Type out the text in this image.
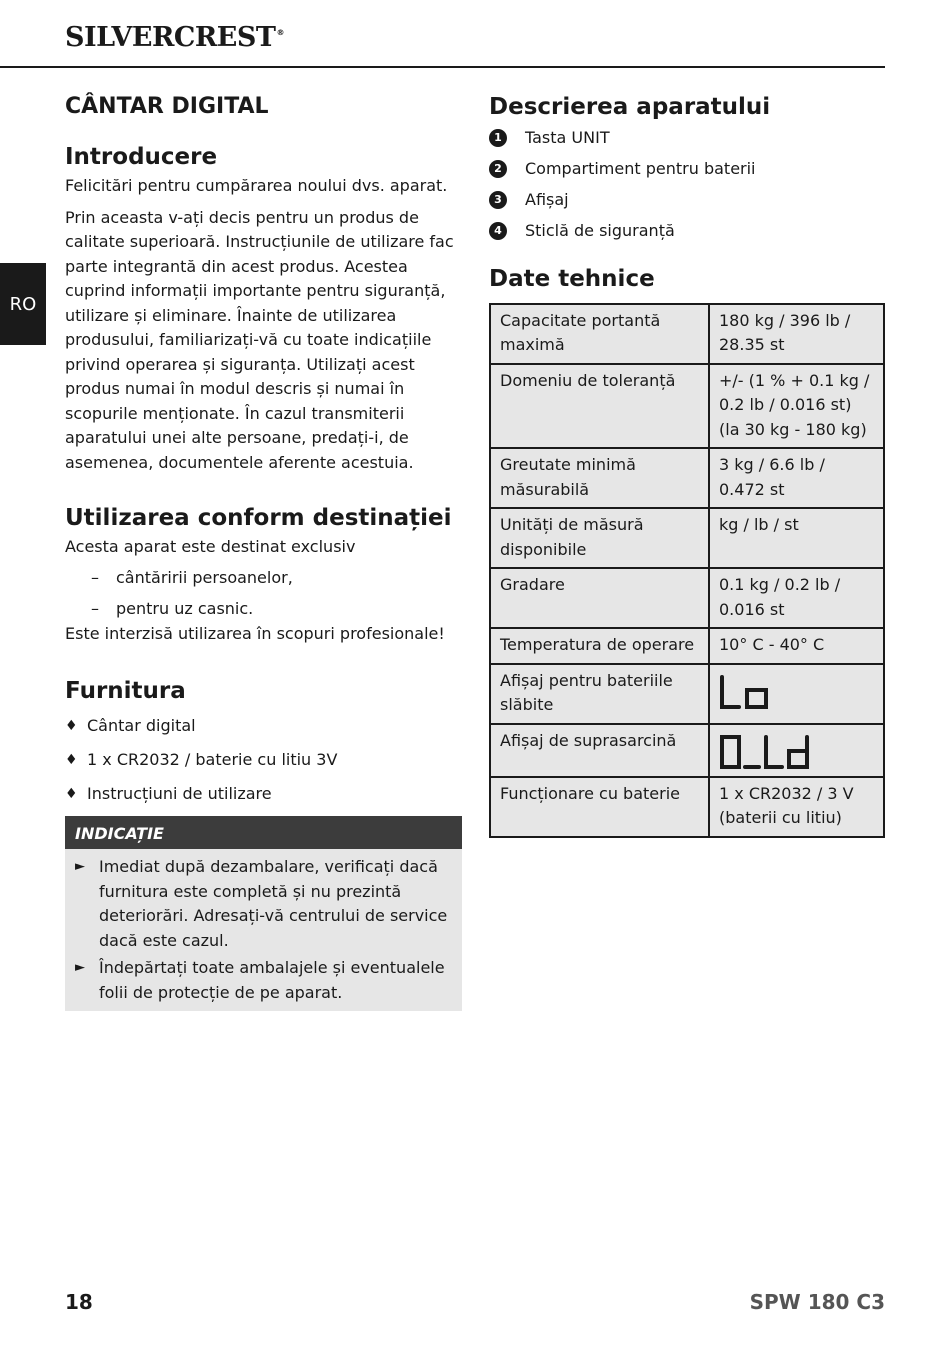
SILVERCREST®
RO
CÂNTAR DIGITAL
Introducere

Felicitări pentru cumpărarea noului dvs. aparat.

Prin aceasta v-ați decis pentru un produs de calitate superioară. Instrucțiunile de utilizare fac parte integrantă din acest produs. Acestea cuprind informații importante pentru siguranță, utilizare și eliminare. Înainte de utilizarea produsului, familiarizați-vă cu toate indicațiile privind operarea și siguranța. Utilizați acest produs numai în modul descris și numai în scopurile menționate. În cazul transmiterii aparatului unei alte persoane, predați-i, de asemenea, documentele aferente acestuia.

Utilizarea conform destinației

Acesta aparat este destinat exclusiv

–	cântăririi persoanelor,
–	pentru uz casnic.

Este interzisă utilizarea în scopuri profesionale!

Furnitura
♦ Cântar digital
♦ 1 x CR2032 / baterie cu litiu 3V
♦ Instrucțiuni de utilizare
INDICAȚIE
► Imediat după dezambalare, verificați dacă furnitura este completă și nu prezintă deteriorări. Adresați-vă centrului de service dacă este cazul.
► Îndepărtați toate ambalajele și eventualele folii de protecție de pe aparat.
Descrierea aparatului
1	Tasta UNIT
2	Compartiment pentru baterii
3	Afișaj
4	Sticlă de siguranță
Date tehnice
Capacitate portantă maximă	180 kg / 396 lb / 28.35 st
Domeniu de toleranță	+/- (1 % + 0.1 kg / 0.2 lb / 0.016 st) (la 30 kg - 180 kg)
Greutate minimă măsurabilă	3 kg / 6.6 lb / 0.472 st
Unități de măsură disponibile	kg / lb / st
Gradare	0.1 kg / 0.2 lb / 0.016 st
Temperatura de operare	10° C - 40° C
Afișaj pentru bateriile slăbite	

Afișaj de suprasarcină	

Funcționare cu baterie	1 x CR2032 / 3 V (baterii cu litiu)
18	SPW 180 C3
